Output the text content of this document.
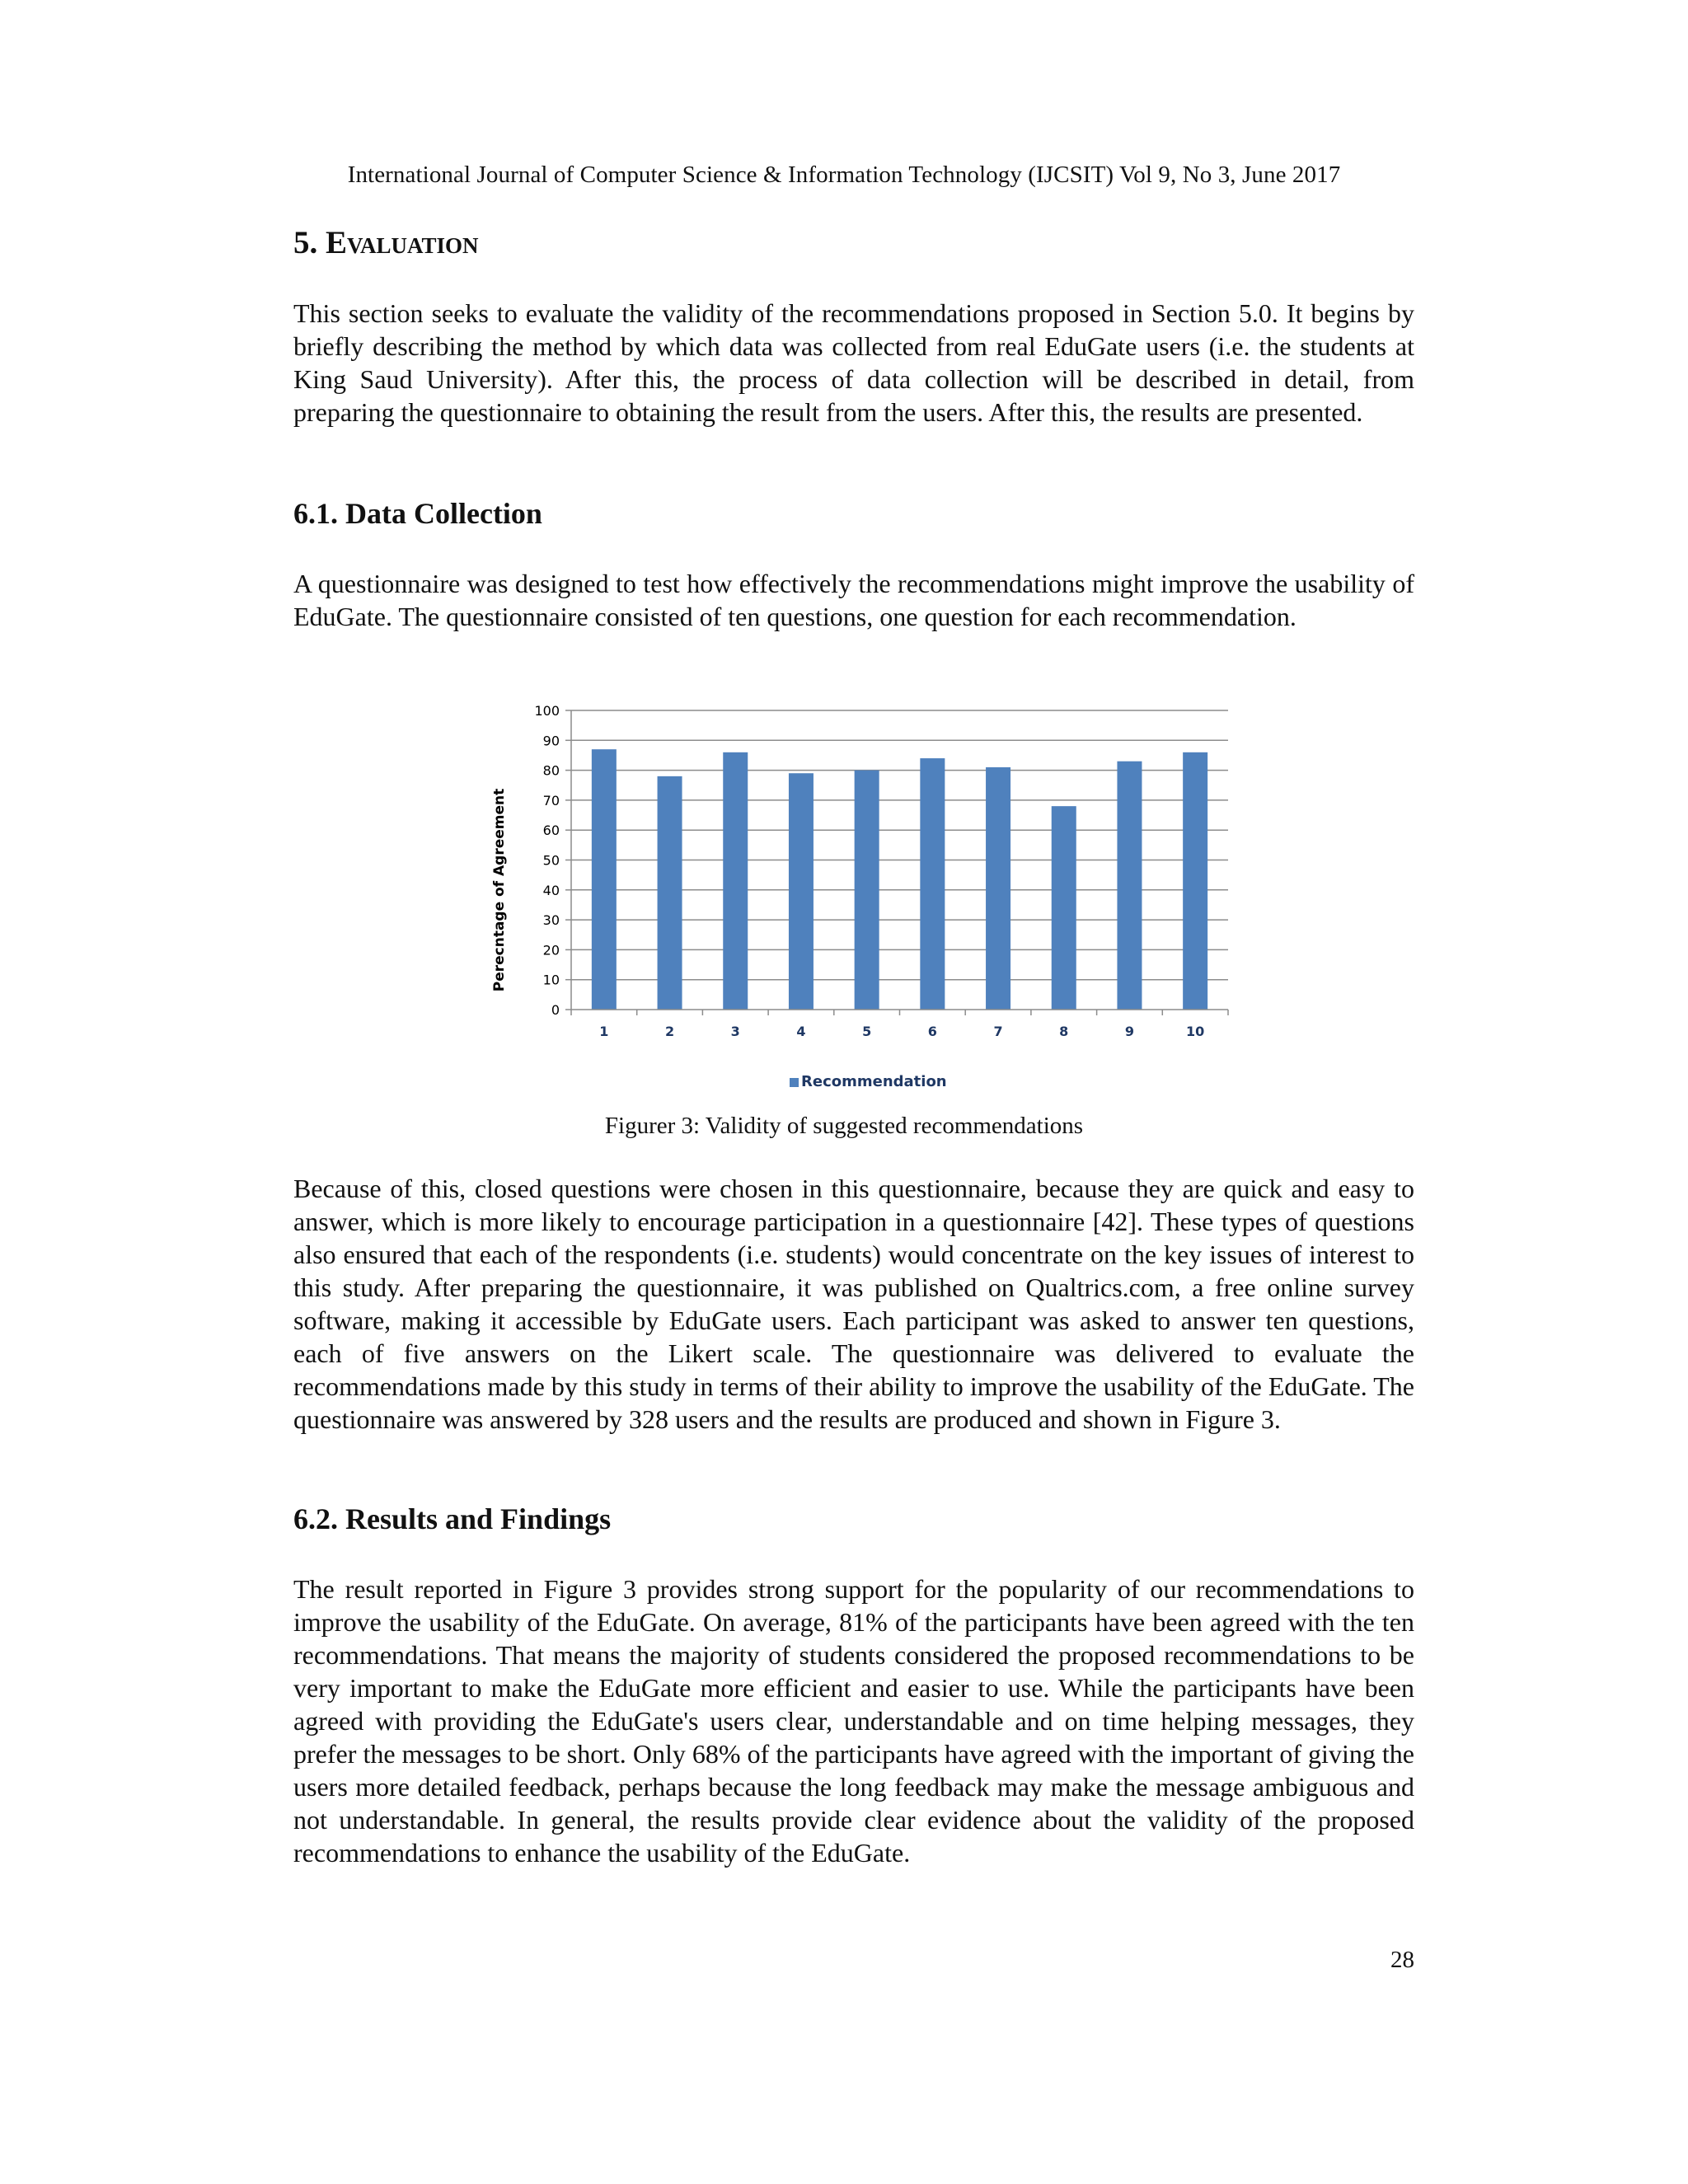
International Journal of Computer Science & Information Technology (IJCSIT) Vol 9, No 3, June 2017
5. Evaluation

This section seeks to evaluate the validity of the recommendations proposed in Section 5.0. It begins by briefly describing the method by which data was collected from real EduGate users (i.e. the students at King Saud University). After this, the process of data collection will be described in detail, from preparing the questionnaire to obtaining the result from the users. After this, the results are presented.

6.1. Data Collection

A questionnaire was designed to test how effectively the recommendations might improve the usability of EduGate. The questionnaire consisted of ten questions, one question for each recommendation.

0
10
20
30
40
50
60
70
80
90
100
1	2	3	4	5	6	7	8	9	10
Perecntage of Agreement
Recommendation
Figurer 3: Validity of suggested recommendations

Because of this, closed questions were chosen in this questionnaire, because they are quick and easy to answer, which is more likely to encourage participation in a questionnaire [42]. These types of questions also ensured that each of the respondents (i.e. students) would concentrate on the key issues of interest to this study. After preparing the questionnaire, it was published on Qualtrics.com, a free online survey software, making it accessible by EduGate users. Each participant was asked to answer ten questions, each of five answers on the Likert scale. The questionnaire was delivered to evaluate the recommendations made by this study in terms of their ability to improve the usability of the EduGate. The questionnaire was answered by 328 users and the results are produced and shown in Figure 3.

6.2. Results and Findings

The result reported in Figure 3 provides strong support for the popularity of our recommendations to improve the usability of the EduGate. On average, 81% of the participants have been agreed with the ten recommendations. That means the majority of students considered the proposed recommendations to be very important to make the EduGate more efficient and easier to use. While the participants have been agreed with providing the EduGate's users clear, understandable and on time helping messages, they prefer the messages to be short. Only 68% of the participants have agreed with the important of giving the users more detailed feedback, perhaps because the long feedback may make the message ambiguous and not understandable. In general, the results provide clear evidence about the validity of the proposed recommendations to enhance the usability of the EduGate.

28
